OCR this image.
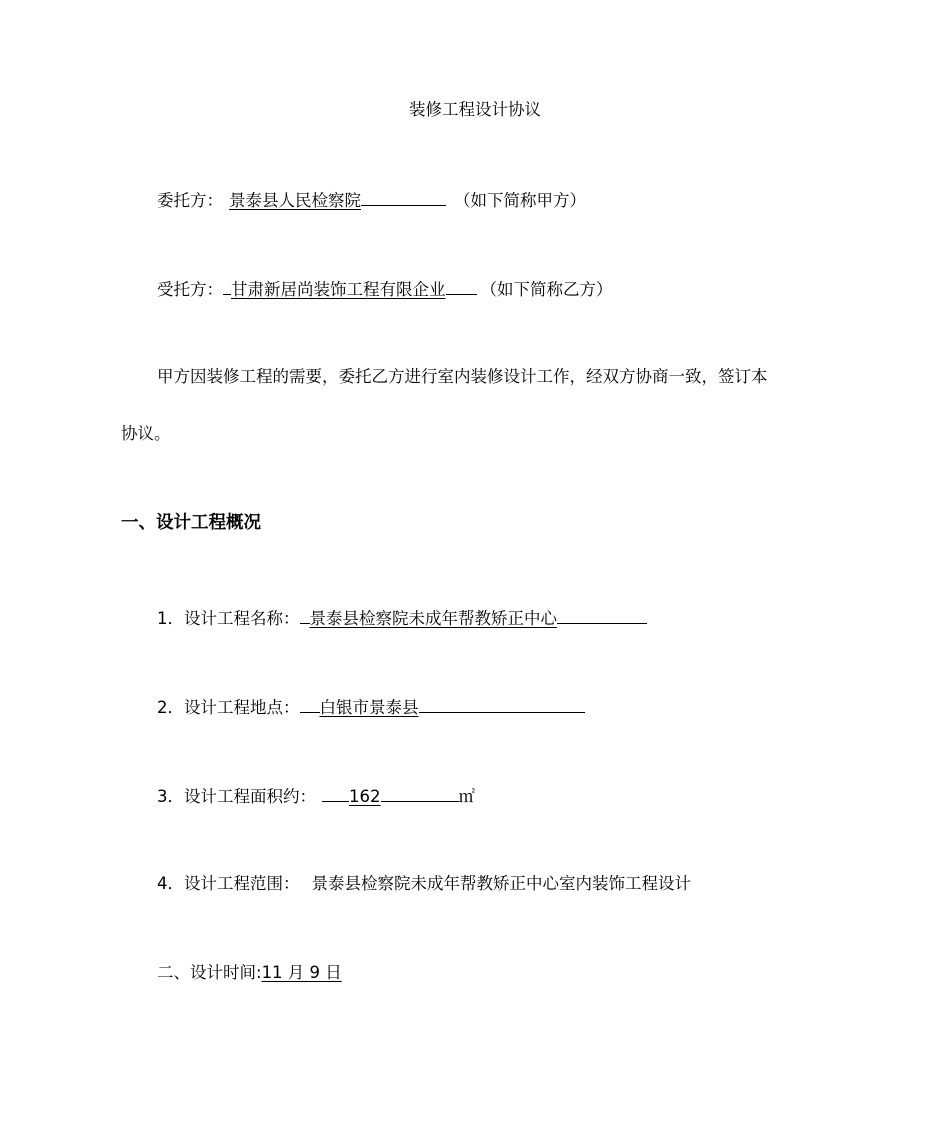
装修工程设计协议
委托方： 景泰县人民检察院	（如下简称甲方）
受托方： 甘肃新居尚装饰工程有限企业 （如下简称乙方）
甲方因装修工程的需要，委托乙方进行室内装修设计工作，经双方协商一致，签订本
协议。
一、设计工程概况
1．设计工程名称： 景泰县检察院未成年帮教矫正中心
2．设计工程地点： 白银市景泰县
3．设计工程面积约： 162	㎡
4．设计工程范围： 景泰县检察院未成年帮教矫正中心室内装饰工程设计
二、设计时间:11 月 9 日
